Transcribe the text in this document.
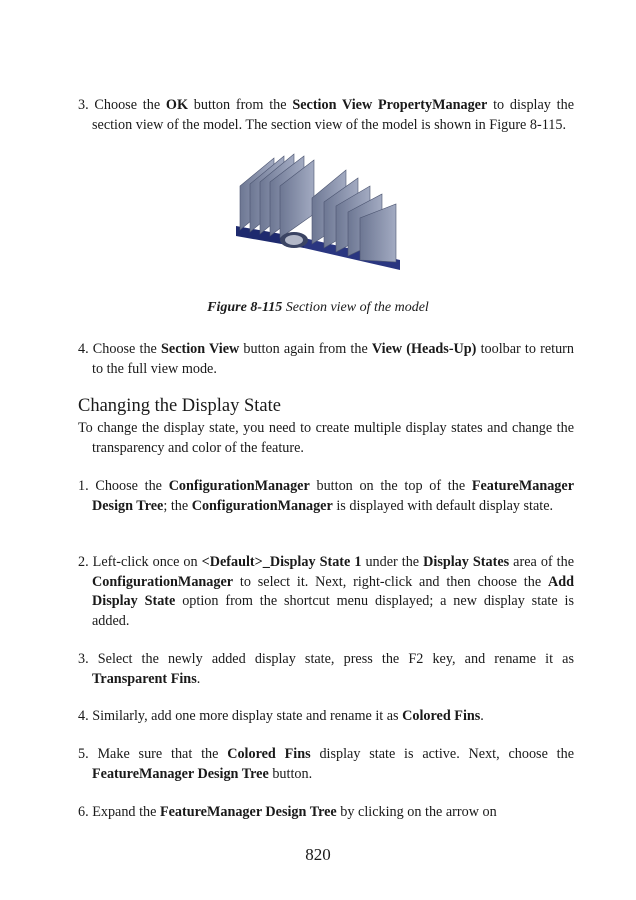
3. Choose the OK button from the Section View PropertyManager to display the section view of the model. The section view of the model is shown in Figure 8-115.

Figure 8-115 Section view of the model

4. Choose the Section View button again from the View (Heads-Up) toolbar to return to the full view mode.

Changing the Display State

To change the display state, you need to create multiple display states and change the transparency and color of the feature.

1. Choose the ConfigurationManager button on the top of the FeatureManager Design Tree; the ConfigurationManager is displayed with default display state.

2. Left-click once on <Default>_Display State 1 under the Display States area of the ConfigurationManager to select it. Next, right-click and then choose the Add Display State option from the shortcut menu displayed; a new display state is added.

3. Select the newly added display state, press the F2 key, and rename it as Transparent Fins.

4. Similarly, add one more display state and rename it as Colored Fins.

5. Make sure that the Colored Fins display state is active. Next, choose the FeatureManager Design Tree button.

6. Expand the FeatureManager Design Tree by clicking on the arrow on

820
